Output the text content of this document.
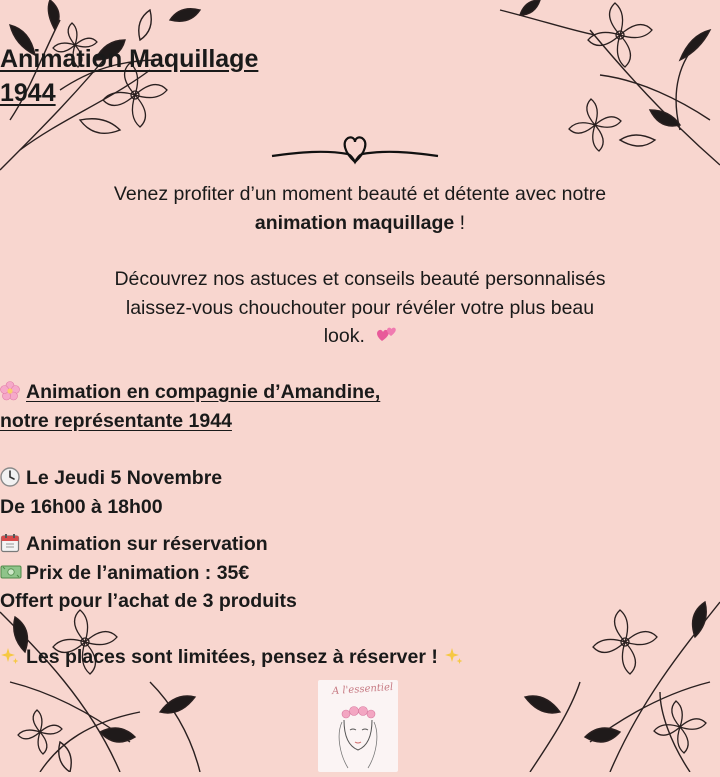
Animation Maquillage
1944
Venez profiter d’un moment beauté et détente avec notre
animation maquillage !
Découvrez nos astuces et conseils beauté personnalisés
laissez-vous chouchouter pour révéler votre plus beau
look.
Animation en compagnie d’Amandine,
notre représentante 1944
Le Jeudi 5 Novembre
De 16h00 à 18h00
Animation sur réservation
Prix de l’animation : 35€
Offert pour l’achat de 3 produits
Les places sont limitées, pensez à réserver !
A l'essentiel
